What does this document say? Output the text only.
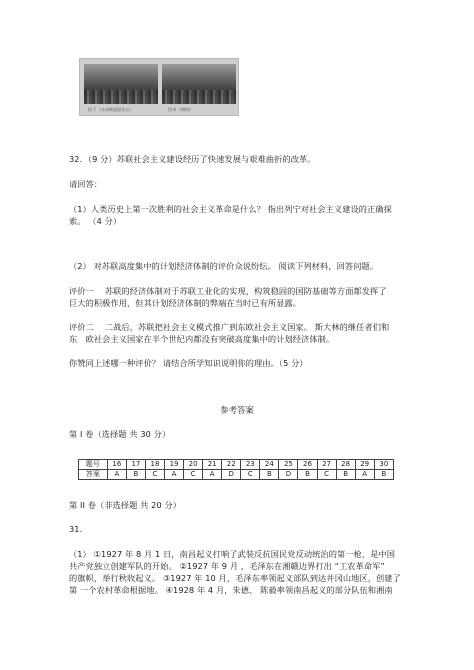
图 7 《未来缔盟面茶五》	图 8 《城构》
32．（9 分）苏联社会主义建设经历了快速发展与艰难曲折的改革。
请回答：
（1）人类历史上第一次胜利的社会主义革命是什么？ 指出列宁对社会主义建设的正确探
索。 （4 分）
（2） 对苏联高度集中的计划经济体制的评价众说纷纭。 阅读下列材料，回答问题。
评价一　 苏联的经济体制对于苏联工业化的实现，构筑稳固的国防基础等方面都发挥了
巨大的积极作用，但其计划经济体制的弊端在当时已有所显露。
评价二　 二战后，苏联把社会主义模式推广到东欧社会主义国家。 斯大林的继任者们和
东　欧社会主义国家在半个世纪内都没有突破高度集中的计划经济体制。
你赞同上述哪一种评价？ 请结合所学知识说明你的理由。（5 分）
参考答案
第 I 卷（选择题 共 30 分）
题号	16	17	18	19	20	21	22	23	24	25	26	27	28	29	30
答案	A	B	C	A	C	A	D	C	B	D	B	C	B	A	B
第 II 卷（非选择题 共 20 分）
31.
（1） ①1927 年 8 月 1 日，南昌起义打响了武装反抗国民党反动统治的第一枪，是中国
共产党独立创建军队的开始。 ②1927 年 9 月 ，毛泽东在湘赣边界打出 “工农革命军”
的旗帜，举行秋收起义。 ③1927 年 10 月，毛泽东率领起义部队到达井冈山地区，创建了
第 一个农村革命根据地。 ④1928 年 4 月，朱德、 陈毅率领南昌起义的部分队伍和湘南
